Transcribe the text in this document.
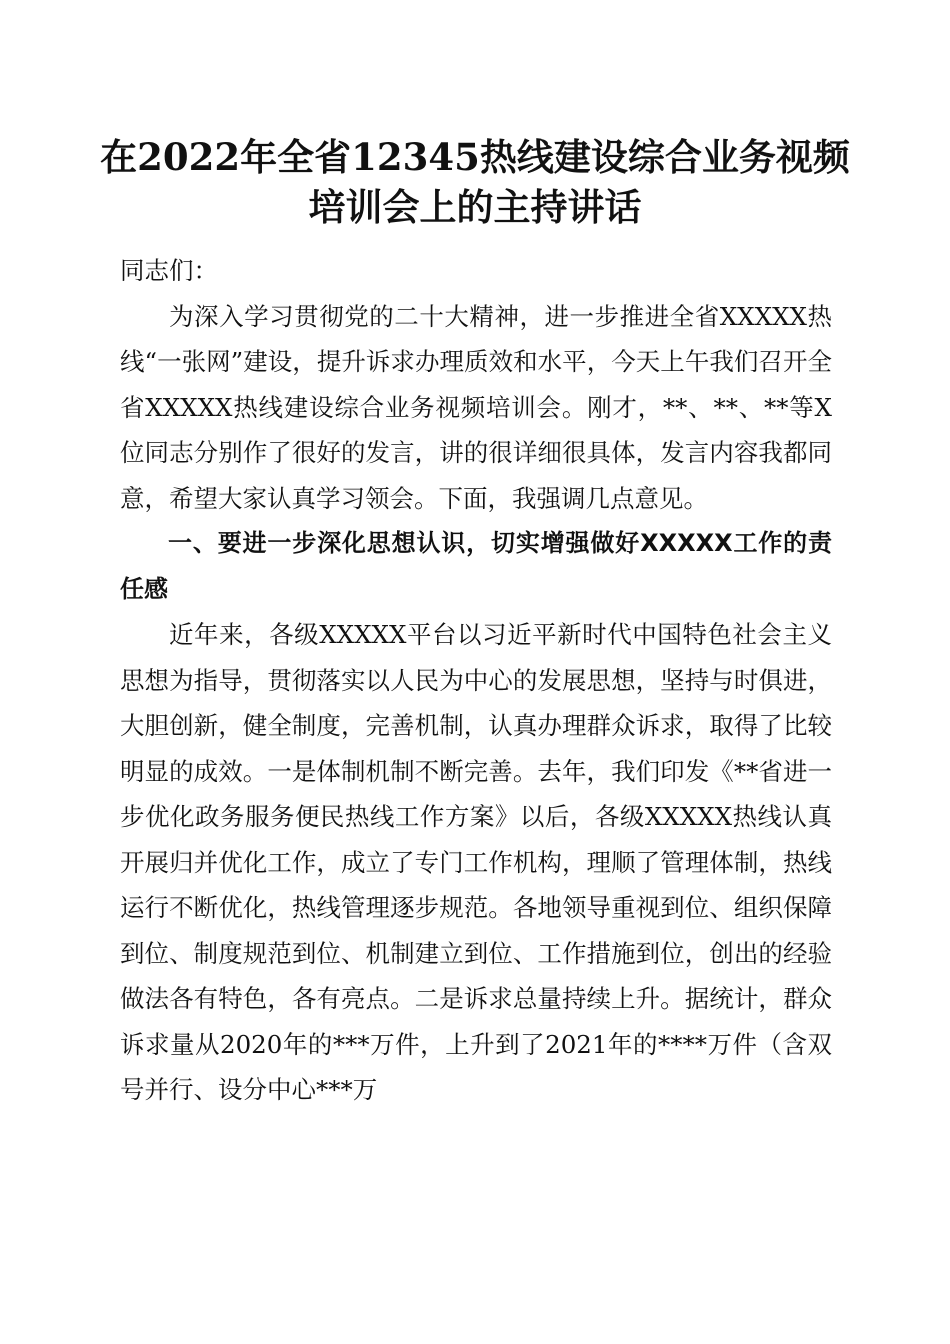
在2022年全省12345热线建设综合业务视频
培训会上的主持讲话

同志们：

为深入学习贯彻党的二十大精神，进一步推进全省XXXXX热线“一张网”建设，提升诉求办理质效和水平，今天上午我们召开全省XXXXX热线建设综合业务视频培训会。刚才，**、**、**等X位同志分别作了很好的发言，讲的很详细很具体，发言内容我都同意，希望大家认真学习领会。下面，我强调几点意见。

一、要进一步深化思想认识，切实增强做好XXXXX工作的责任感

近年来，各级XXXXX平台以习近平新时代中国特色社会主义思想为指导，贯彻落实以人民为中心的发展思想，坚持与时俱进，大胆创新，健全制度，完善机制，认真办理群众诉求，取得了比较明显的成效。一是体制机制不断完善。去年，我们印发《**省进一步优化政务服务便民热线工作方案》以后，各级XXXXX热线认真开展归并优化工作，成立了专门工作机构，理顺了管理体制，热线运行不断优化，热线管理逐步规范。各地领导重视到位、组织保障到位、制度规范到位、机制建立到位、工作措施到位，创出的经验做法各有特色，各有亮点。二是诉求总量持续上升。据统计，群众诉求量从2020年的***万件，上升到了2021年的****万件（含双号并行、设分中心***万
